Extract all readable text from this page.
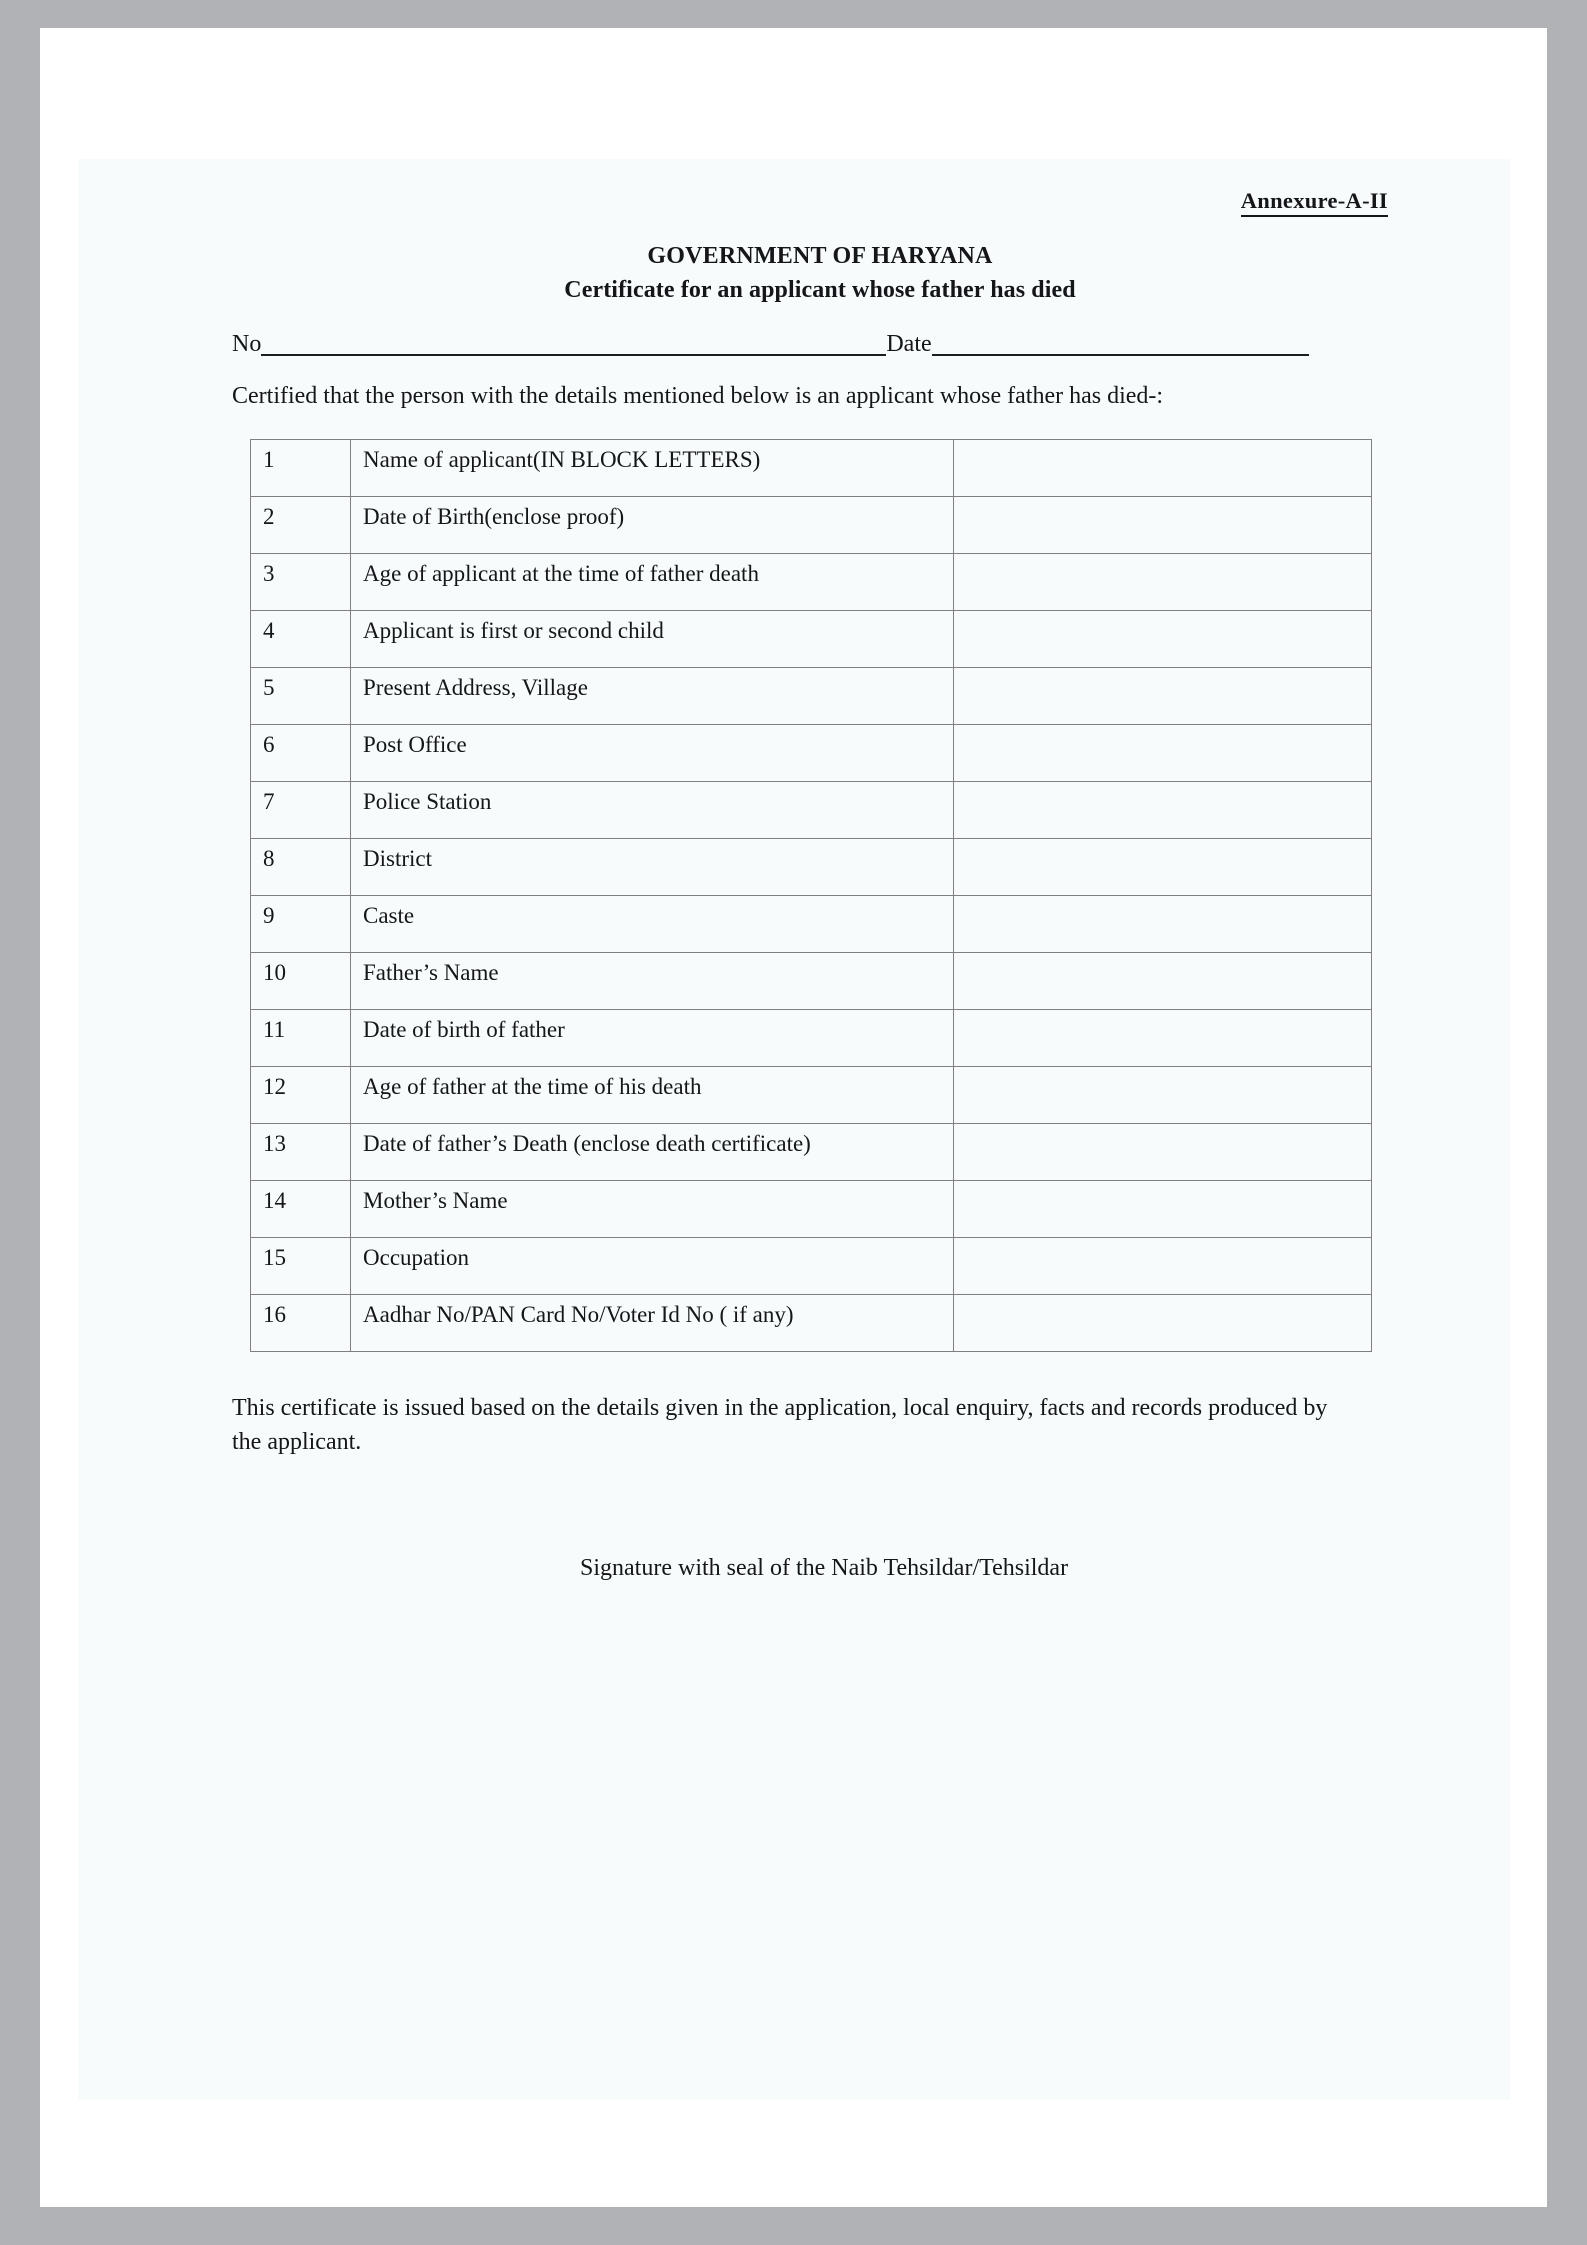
Annexure-A-II
GOVERNMENT OF HARYANA
Certificate for an applicant whose father has died
No	Date
Certified that the person with the details mentioned below is an applicant whose father has died-:
1	Name of applicant(IN BLOCK LETTERS)	
2	Date of Birth(enclose proof)	
3	Age of applicant at the time of father death	
4	Applicant is first or second child	
5	Present Address, Village	
6	Post Office	
7	Police Station	
8	District	
9	Caste	
10	Father’s Name	
11	Date of birth of father	
12	Age of father at the time of his death	
13	Date of father’s Death (enclose death certificate)	
14	Mother’s Name	
15	Occupation	
16	Aadhar No/PAN Card No/Voter Id No ( if any)	
This certificate is issued based on the details given in the application, local enquiry, facts and records produced by the applicant.
Signature with seal of the Naib Tehsildar/Tehsildar
